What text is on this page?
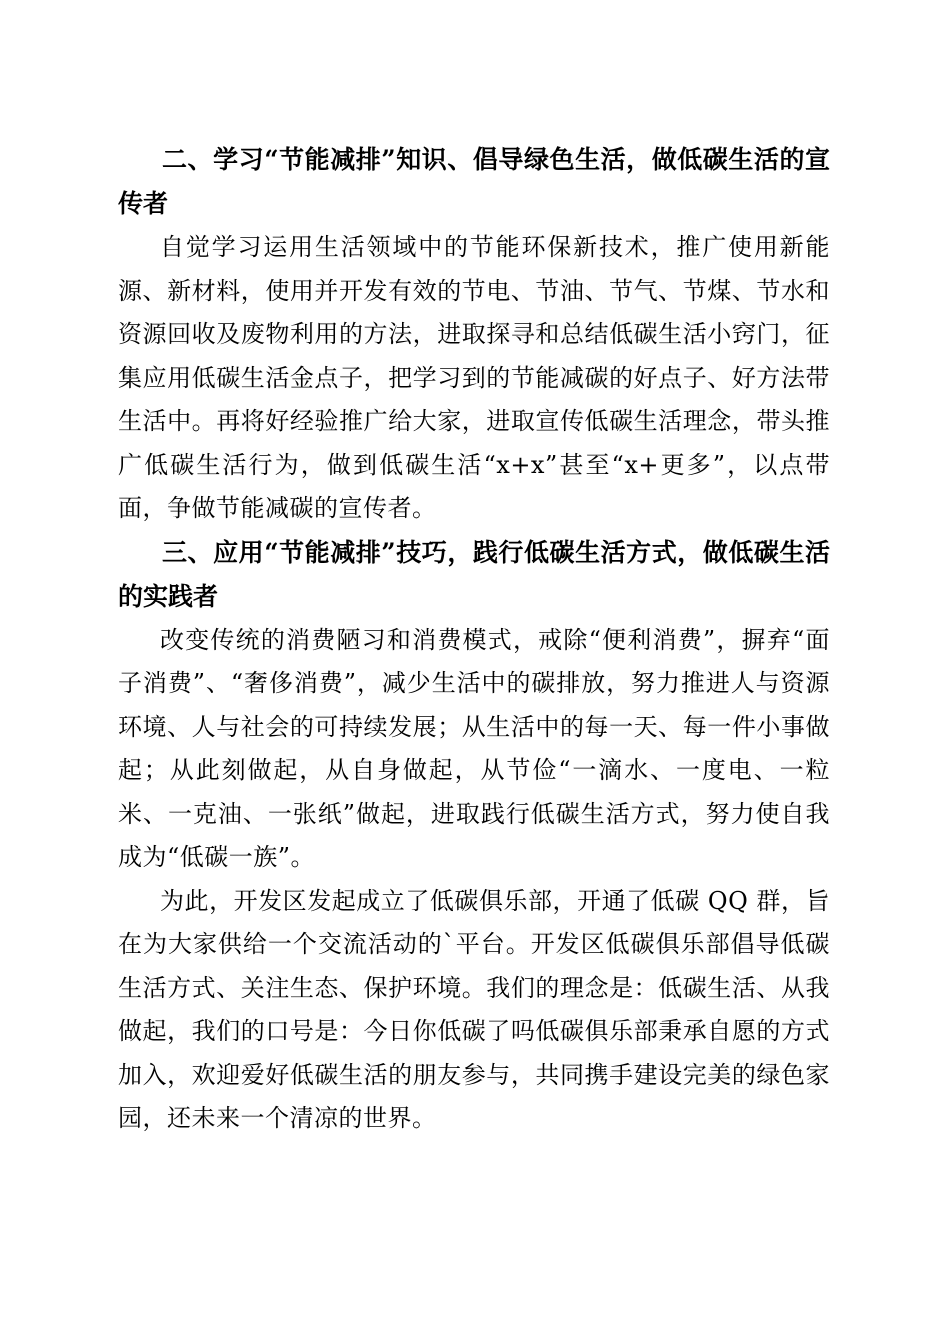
二、学习“节能减排”知识、倡导绿色生活，做低碳生活的宣传者

自觉学习运用生活领域中的节能环保新技术，推广使用新能源、新材料，使用并开发有效的节电、节油、节气、节煤、节水和资源回收及废物利用的方法，进取探寻和总结低碳生活小窍门，征集应用低碳生活金点子，把学习到的节能减碳的好点子、好方法带生活中。再将好经验推广给大家，进取宣传低碳生活理念，带头推广低碳生活行为，做到低碳生活“x+x”甚至“x+更多”，以点带面，争做节能减碳的宣传者。

三、应用“节能减排”技巧，践行低碳生活方式，做低碳生活的实践者

改变传统的消费陋习和消费模式，戒除“便利消费”，摒弃“面子消费”、“奢侈消费”，减少生活中的碳排放，努力推进人与资源环境、人与社会的可持续发展；从生活中的每一天、每一件小事做起；从此刻做起，从自身做起，从节俭“一滴水、一度电、一粒米、一克油、一张纸”做起，进取践行低碳生活方式，努力使自我成为“低碳一族”。

为此，开发区发起成立了低碳俱乐部，开通了低碳 QQ 群，旨在为大家供给一个交流活动的`平台。开发区低碳俱乐部倡导低碳生活方式、关注生态、保护环境。我们的理念是：低碳生活、从我做起，我们的口号是：今日你低碳了吗低碳俱乐部秉承自愿的方式加入，欢迎爱好低碳生活的朋友参与，共同携手建设完美的绿色家园，还未来一个清凉的世界。
